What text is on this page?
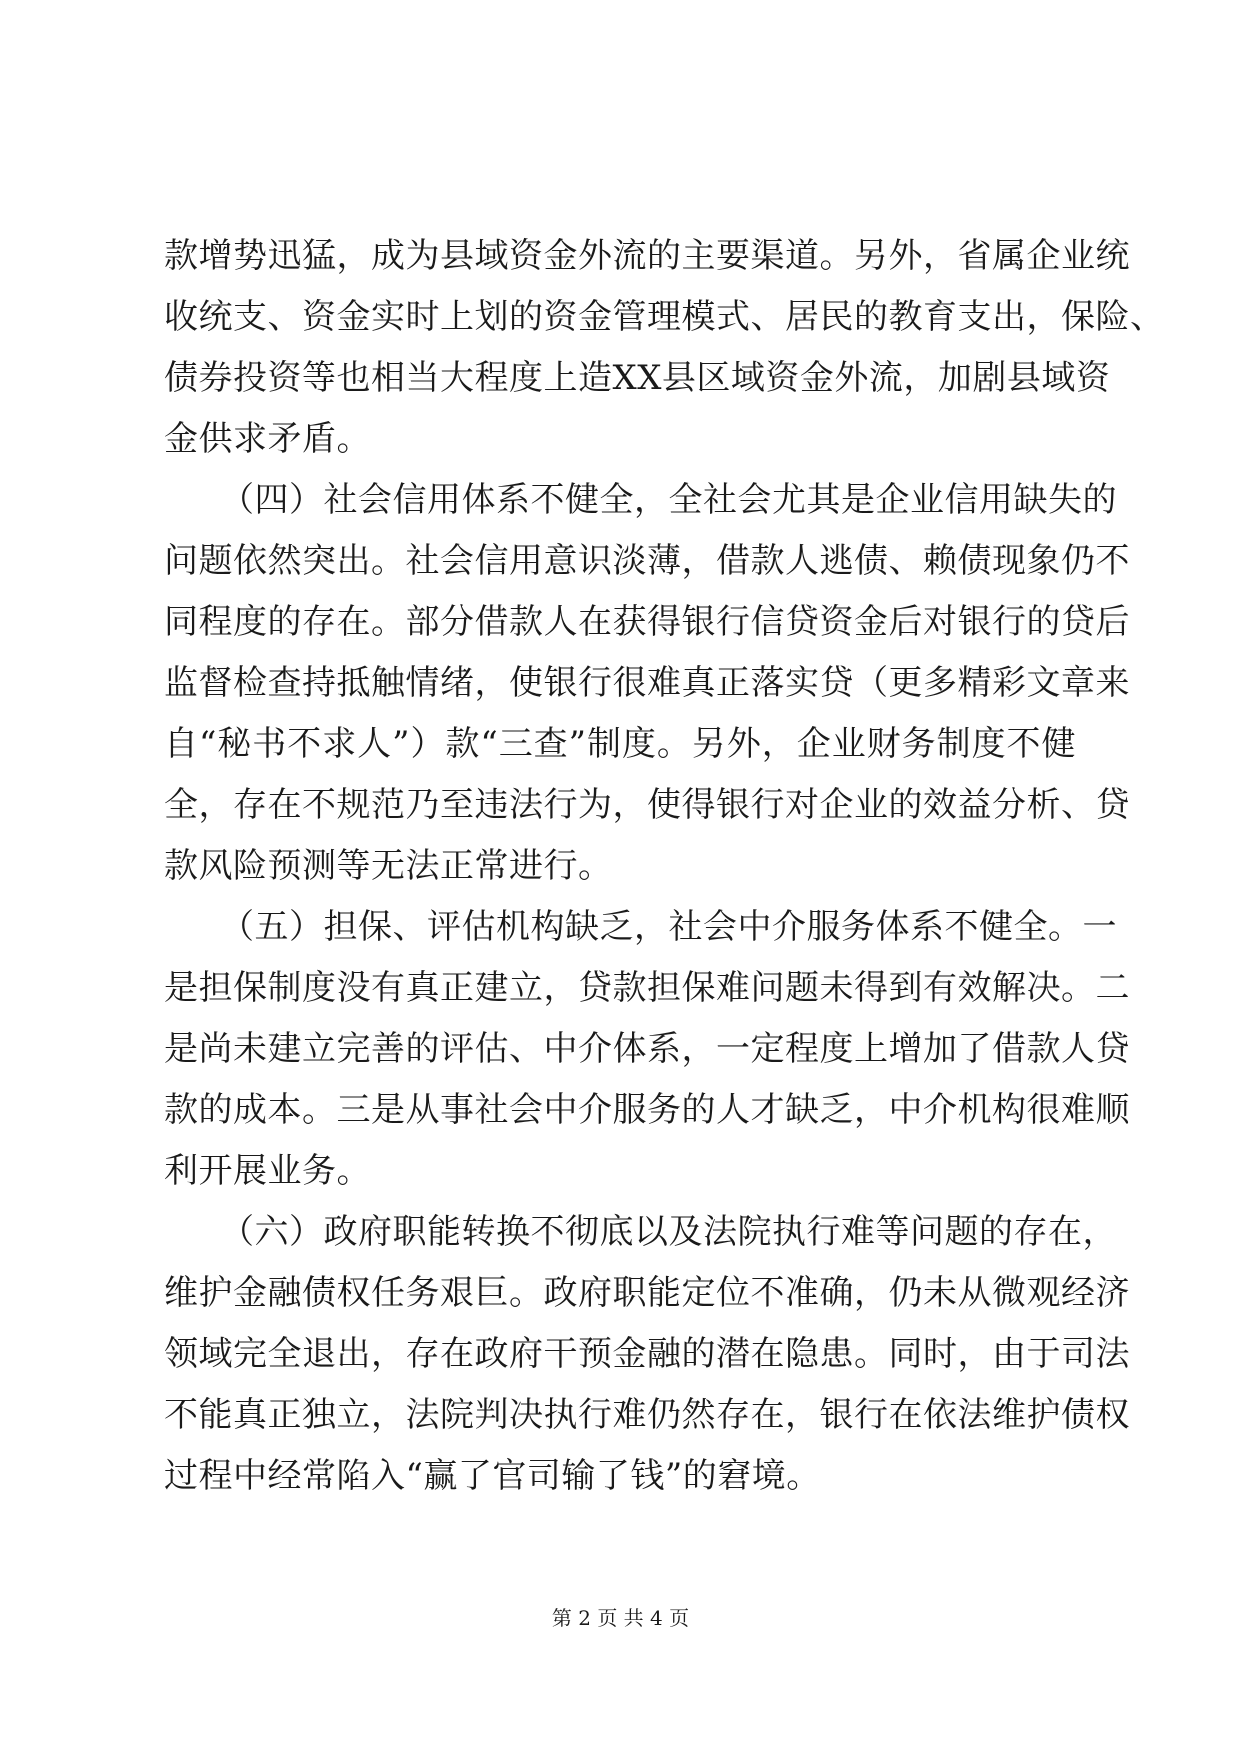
款增势迅猛，成为县域资金外流的主要渠道。另外，省属企业统
收统支、资金实时上划的资金管理模式、居民的教育支出，保险、
债券投资等也相当大程度上造XX县区域资金外流，加剧县域资
金供求矛盾。
（四）社会信用体系不健全，全社会尤其是企业信用缺失的
问题依然突出。社会信用意识淡薄，借款人逃债、赖债现象仍不
同程度的存在。部分借款人在获得银行信贷资金后对银行的贷后
监督检查持抵触情绪，使银行很难真正落实贷（更多精彩文章来
自“秘书不求人”）款“三查”制度。另外，企业财务制度不健
全，存在不规范乃至违法行为，使得银行对企业的效益分析、贷
款风险预测等无法正常进行。
（五）担保、评估机构缺乏，社会中介服务体系不健全。一
是担保制度没有真正建立，贷款担保难问题未得到有效解决。二
是尚未建立完善的评估、中介体系，一定程度上增加了借款人贷
款的成本。三是从事社会中介服务的人才缺乏，中介机构很难顺
利开展业务。
（六）政府职能转换不彻底以及法院执行难等问题的存在，
维护金融债权任务艰巨。政府职能定位不准确，仍未从微观经济
领域完全退出，存在政府干预金融的潜在隐患。同时，由于司法
不能真正独立，法院判决执行难仍然存在，银行在依法维护债权
过程中经常陷入“赢了官司输了钱”的窘境。
第 2 页 共 4 页
